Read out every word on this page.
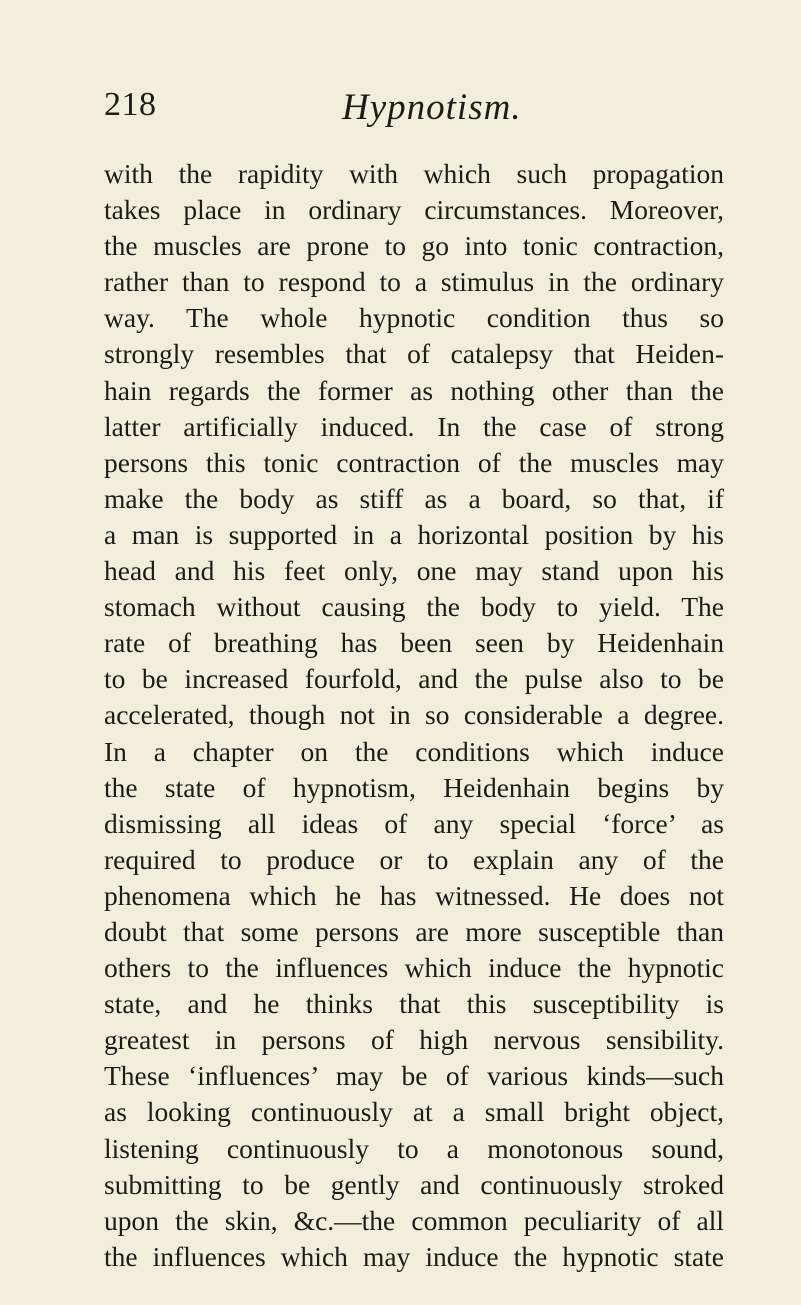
218	Hypnotism.
with the rapidity with which such propagation
takes place in ordinary circumstances. Moreover,
the muscles are prone to go into tonic contraction,
rather than to respond to a stimulus in the ordinary
way. The whole hypnotic condition thus so
strongly resembles that of catalepsy that Heiden-
hain regards the former as nothing other than the
latter artificially induced. In the case of strong
persons this tonic contraction of the muscles may
make the body as stiff as a board, so that, if
a man is supported in a horizontal position by his
head and his feet only, one may stand upon his
stomach without causing the body to yield. The
rate of breathing has been seen by Heidenhain
to be increased fourfold, and the pulse also to be
accelerated, though not in so considerable a degree.
In a chapter on the conditions which induce
the state of hypnotism, Heidenhain begins by
dismissing all ideas of any special ‘force’ as
required to produce or to explain any of the
phenomena which he has witnessed. He does not
doubt that some persons are more susceptible than
others to the influences which induce the hypnotic
state, and he thinks that this susceptibility is
greatest in persons of high nervous sensibility.
These ‘influences’ may be of various kinds—such
as looking continuously at a small bright object,
listening continuously to a monotonous sound,
submitting to be gently and continuously stroked
upon the skin, &c.—the common peculiarity of all
the influences which may induce the hypnotic state
